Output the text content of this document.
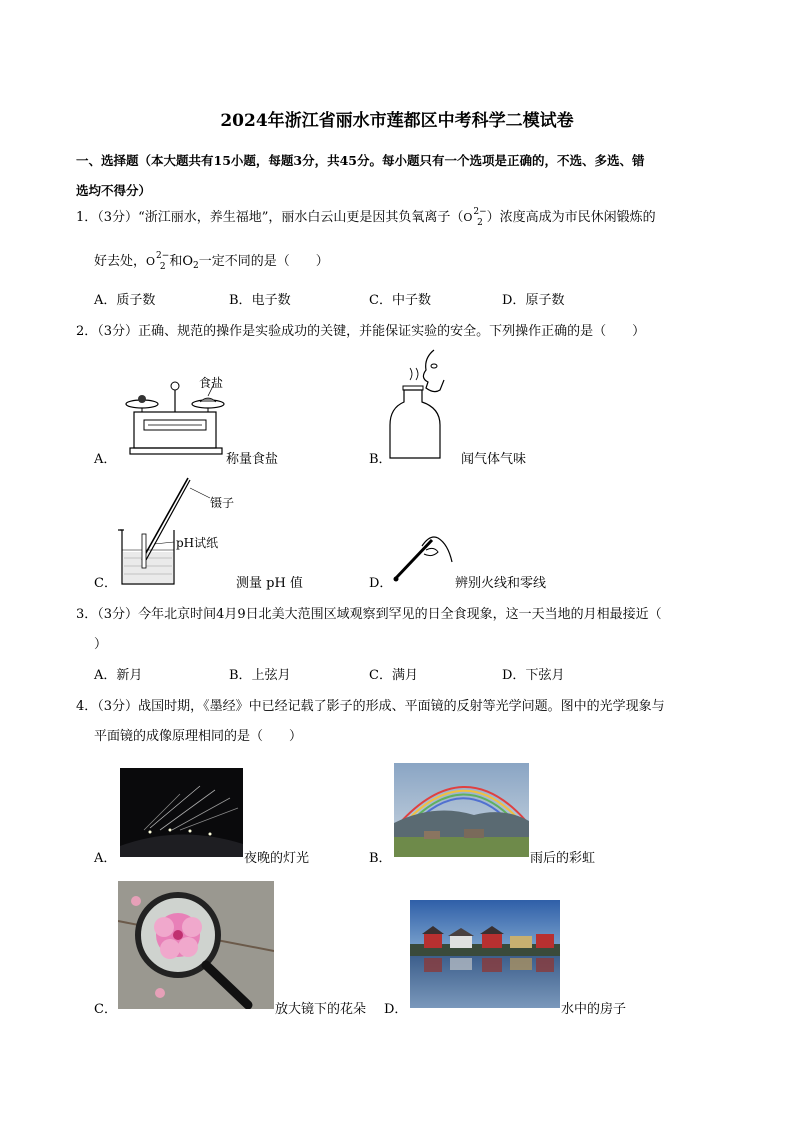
2024年浙江省丽水市莲都区中考科学二模试卷
一、选择题（本大题共有15小题，每题3分，共45分。每小题只有一个选项是正确的，不选、多选、错
选均不得分）
1．（3分）“浙江丽水，养生福地”，丽水白云山更是因其负氧离子（O 2−
2 ）浓度高成为市民休闲锻炼的
好去处，O 2−
2 和$O_2$一定不同的是（　　）
A．质子数	B．电子数	C．中子数	D．原子数
2．（3分）正确、规范的操作是实验成功的关键，并能保证实验的安全。下列操作正确的是（　　）
A．
食盐
称量食盐	B．	闻气体气味
C．
镊子
pH试纸
测量 pH 值	D．	辨别火线和零线
3．（3分）今年北京时间4月9日北美大范围区域观察到罕见的日全食现象，这一天当地的月相最接近（
）
A．新月	B．上弦月	C．满月	D．下弦月
4．（3分）战国时期，《墨经》中已经记载了影子的形成、平面镜的反射等光学问题。图中的光学现象与
平面镜的成像原理相同的是（　　）
A．	夜晚的灯光	B．	雨后的彩虹
C．	放大镜下的花朵 D．	水中的房子
